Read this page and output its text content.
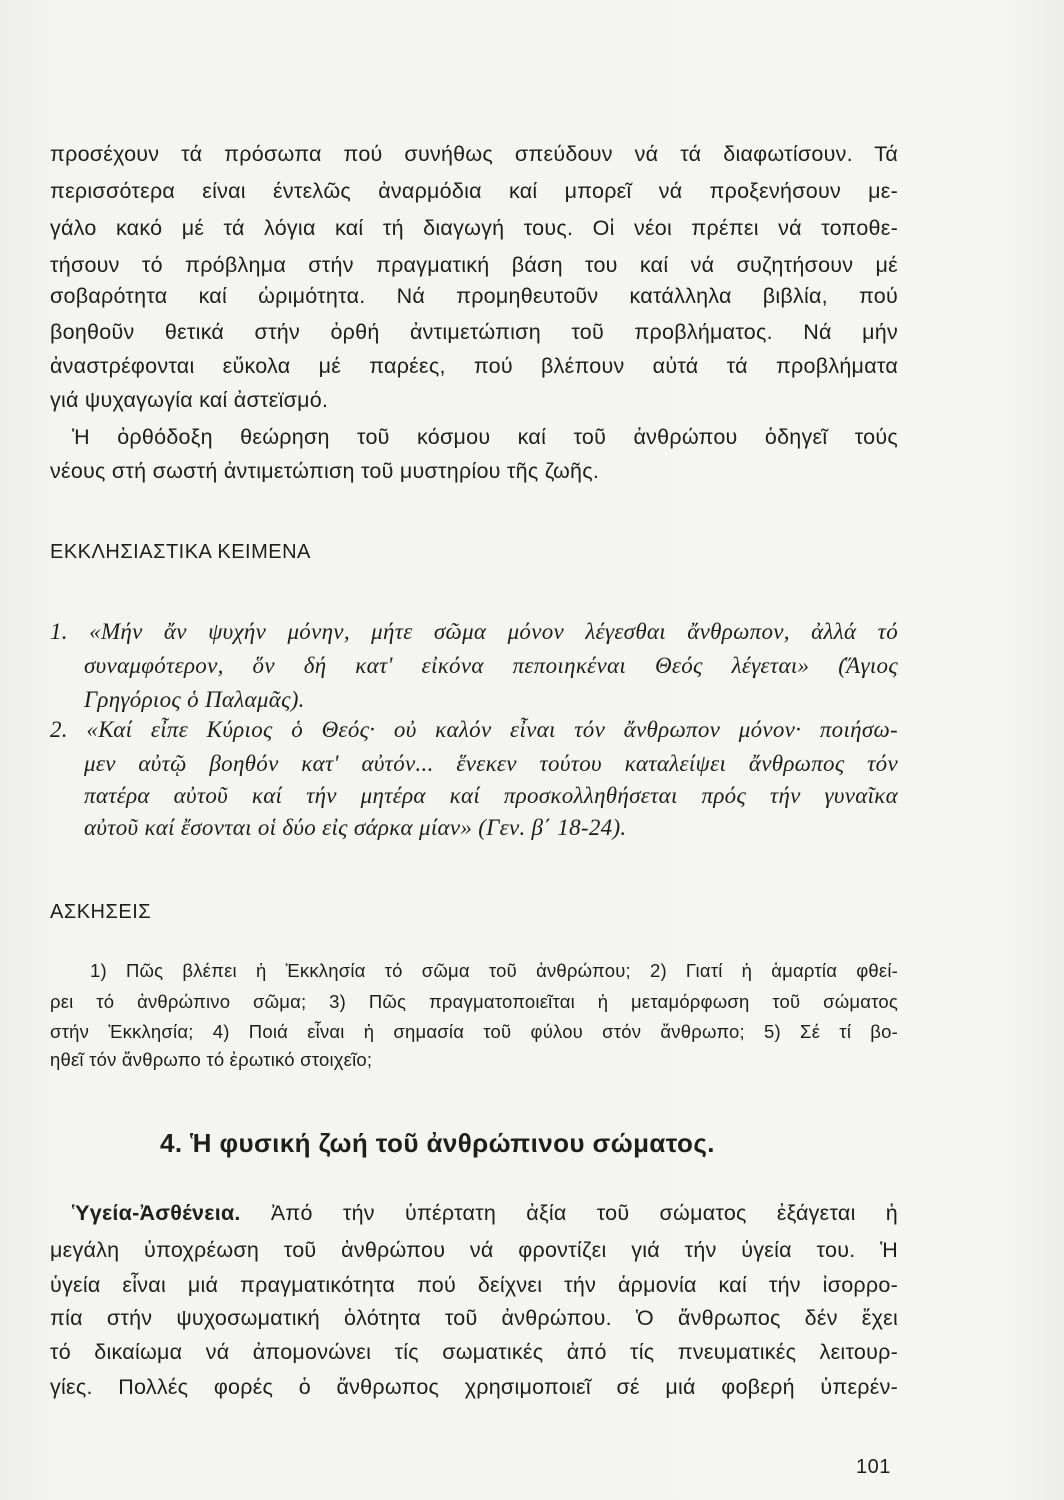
προσέχουν τά πρόσωπα πού συνήθως σπεύδουν νά τά διαφωτίσουν. Τά
περισσότερα είναι έντελῶς ἀναρμόδια καί μπορεῖ νά προξενήσουν με-
γάλο κακό μέ τά λόγια καί τή διαγωγή τους. Οἱ νέοι πρέπει νά τοποθε-
τήσουν τό πρόβλημα στήν πραγματική βάση του καί νά συζητήσουν μέ
σοβαρότητα καί ὡριμότητα. Νά προμηθευτοῦν κατάλληλα βιβλία, πού
βοηθοῦν θετικά στήν ὀρθή ἀντιμετώπιση τοῦ προβλήματος. Νά μήν
ἀναστρέφονται εὔκολα μέ παρέες, πού βλέπουν αὐτά τά προβλήματα
γιά ψυχαγωγία καί ἀστεϊσμό.
Ἡ ὀρθόδοξη θεώρηση τοῦ κόσμου καί τοῦ ἀνθρώπου ὁδηγεῖ τούς
νέους στή σωστή ἀντιμετώπιση τοῦ μυστηρίου τῆς ζωῆς.
ΕΚΚΛΗΣΙΑΣΤΙΚΑ ΚΕΙΜΕΝΑ
1. «Μήν ἄν ψυχήν μόνην, μήτε σῶμα μόνον λέγεσθαι ἄνθρωπον, ἀλλά τό
συναμφότερον, ὅν δή κατ' εἰκόνα πεποιηκέναι Θεός λέγεται» (Ἅγιος
Γρηγόριος ὁ Παλαμᾶς).
2. «Καί εἶπε Κύριος ὁ Θεός· οὐ καλόν εἶναι τόν ἄνθρωπον μόνον· ποιήσω-
μεν αὐτῷ βοηθόν κατ' αὐτόν... ἕνεκεν τούτου καταλείψει ἄνθρωπος τόν
πατέρα αὐτοῦ καί τήν μητέρα καί προσκολληθήσεται πρός τήν γυναῖκα
αὐτοῦ καί ἔσονται οἱ δύο εἰς σάρκα μίαν» (Γεν. β΄ 18-24).
ΑΣΚΗΣΕΙΣ
1) Πῶς βλέπει ἡ Ἐκκλησία τό σῶμα τοῦ ἀνθρώπου; 2) Γιατί ἡ ἁμαρτία φθεί-
ρει τό ἀνθρώπινο σῶμα; 3) Πῶς πραγματοποιεῖται ἡ μεταμόρφωση τοῦ σώματος
στήν Ἐκκλησία; 4) Ποιά εἶναι ἡ σημασία τοῦ φύλου στόν ἄνθρωπο; 5) Σέ τί βο-
ηθεῖ τόν ἄνθρωπο τό ἐρωτικό στοιχεῖο;
4. Ἡ φυσική ζωή τοῦ ἀνθρώπινου σώματος.
Ὑγεία-Ἀσθένεια. Ἀπό τήν ὑπέρτατη ἀξία τοῦ σώματος ἐξάγεται ἡ
μεγάλη ὑποχρέωση τοῦ ἀνθρώπου νά φροντίζει γιά τήν ὑγεία του. Ἡ
ὑγεία εἶναι μιά πραγματικότητα πού δείχνει τήν ἁρμονία καί τήν ἰσορρο-
πία στήν ψυχοσωματική ὁλότητα τοῦ ἀνθρώπου. Ὁ ἄνθρωπος δέν ἔχει
τό δικαίωμα νά ἀπομονώνει τίς σωματικές ἀπό τίς πνευματικές λειτουρ-
γίες. Πολλές φορές ὁ ἄνθρωπος χρησιμοποιεῖ σέ μιά φοβερή ὑπερέν-
101
